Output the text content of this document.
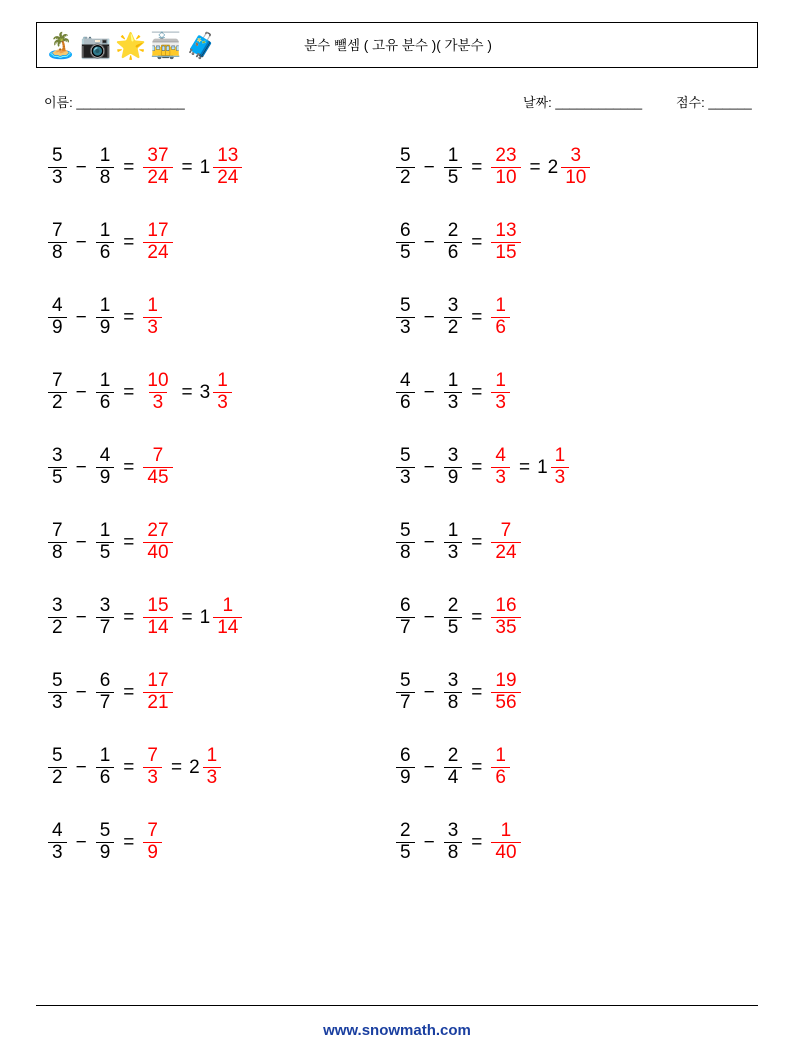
🏝️ 📷 🌟 🚋 🧳	분수 뺄셈 ( 고유 분수 )( 가분수 )
이름: _______________	날짜: ____________	점수: ______
$\frac{5}{3} - \frac{1}{8} = \frac{37}{24} = 1 \frac{13}{24}$
$\frac{7}{8} - \frac{1}{6} = \frac{17}{24}$
$\frac{4}{9} - \frac{1}{9} = \frac{1}{3}$
$\frac{7}{2} - \frac{1}{6} = \frac{10}{3} = 3 \frac{1}{3}$
$\frac{3}{5} - \frac{4}{9} = \frac{7}{45}$
$\frac{7}{8} - \frac{1}{5} = \frac{27}{40}$
$\frac{3}{2} - \frac{3}{7} = \frac{15}{14} = 1 \frac{1}{14}$
$\frac{5}{3} - \frac{6}{7} = \frac{17}{21}$
$\frac{5}{2} - \frac{1}{6} = \frac{7}{3} = 2 \frac{1}{3}$
$\frac{4}{3} - \frac{5}{9} = \frac{7}{9}$
$\frac{5}{2} - \frac{1}{5} = \frac{23}{10} = 2 \frac{3}{10}$
$\frac{6}{5} - \frac{2}{6} = \frac{13}{15}$
$\frac{5}{3} - \frac{3}{2} = \frac{1}{6}$
$\frac{4}{6} - \frac{1}{3} = \frac{1}{3}$
$\frac{5}{3} - \frac{3}{9} = \frac{4}{3} = 1 \frac{1}{3}$
$\frac{5}{8} - \frac{1}{3} = \frac{7}{24}$
$\frac{6}{7} - \frac{2}{5} = \frac{16}{35}$
$\frac{5}{7} - \frac{3}{8} = \frac{19}{56}$
$\frac{6}{9} - \frac{2}{4} = \frac{1}{6}$
$\frac{2}{5} - \frac{3}{8} = \frac{1}{40}$
www.snowmath.com
